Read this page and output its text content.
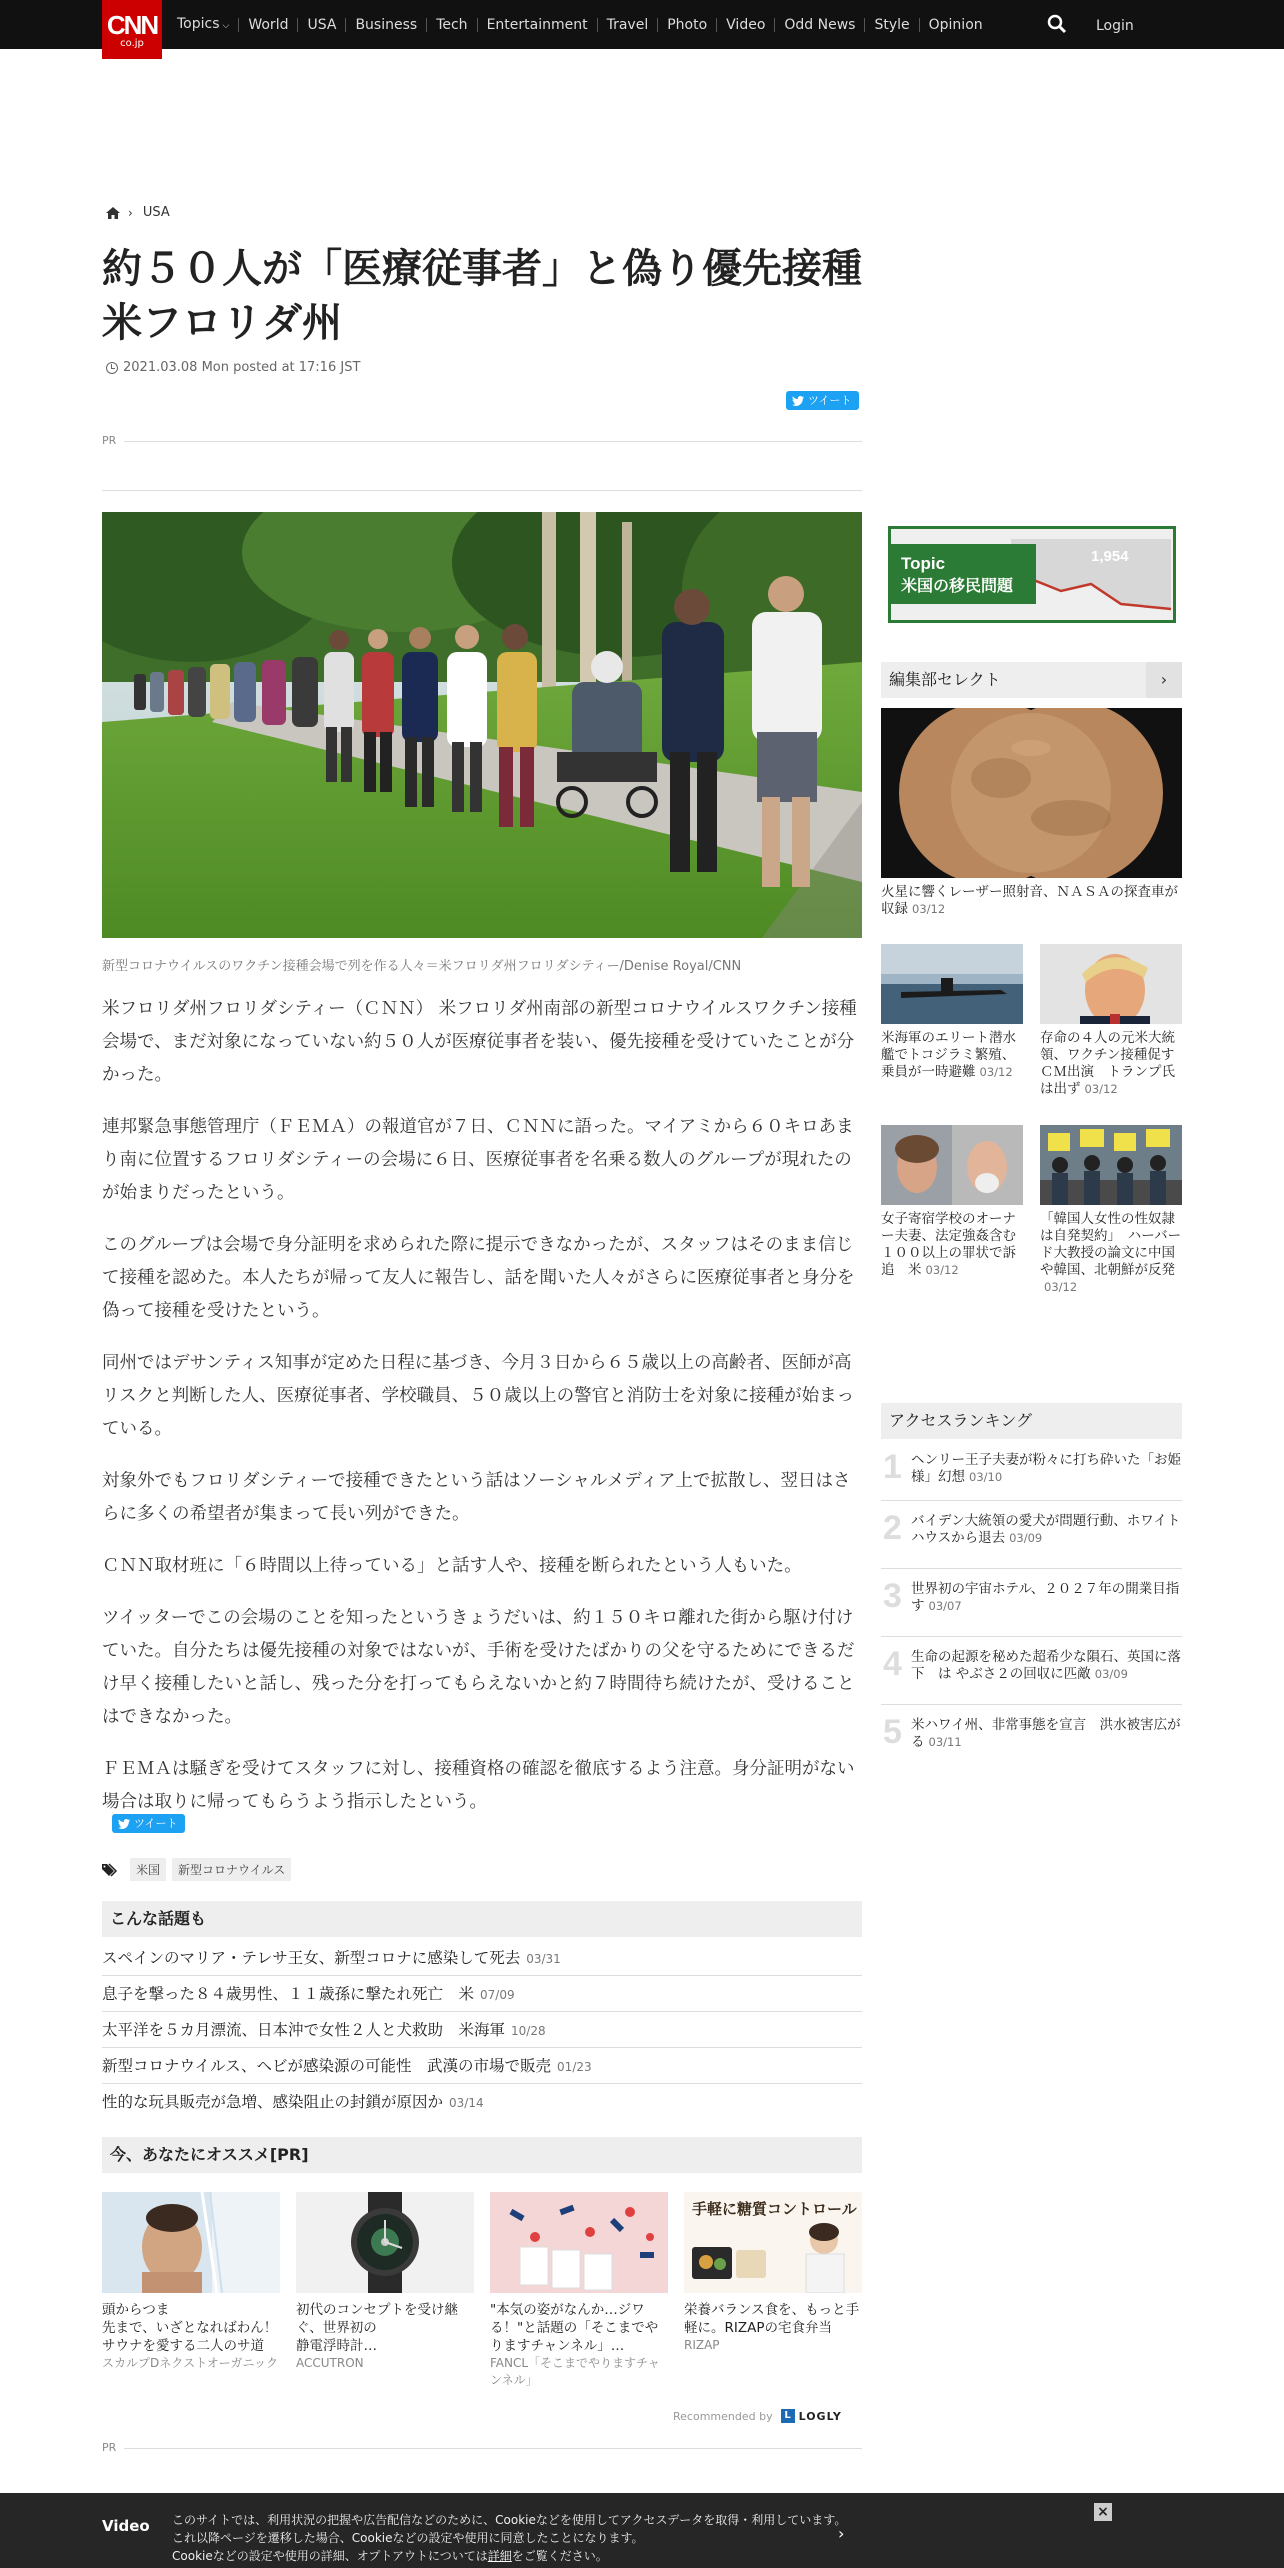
CNN
co.jp
Topics ⌵	World	USA	Business	Tech	Entertainment	Travel	Photo	Video	Odd News	Style	Opinion	Login
› USA
約５０人が「医療従事者」と偽り優先接種　米フロリダ州
2021.03.08 Mon posted at 17:16 JST
ツイート
PR
新型コロナウイルスのワクチン接種会場で列を作る人々＝米フロリダ州フロリダシティー/Denise Royal/CNN

米フロリダ州フロリダシティー（ＣＮＮ） 米フロリダ州南部の新型コロナウイルスワクチン接種会場で、まだ対象になっていない約５０人が医療従事者を装い、優先接種を受けていたことが分かった。

連邦緊急事態管理庁（ＦＥＭＡ）の報道官が７日、ＣＮＮに語った。マイアミから６０キロあまり南に位置するフロリダシティーの会場に６日、医療従事者を名乗る数人のグループが現れたのが始まりだったという。

このグループは会場で身分証明を求められた際に提示できなかったが、スタッフはそのまま信じて接種を認めた。本人たちが帰って友人に報告し、話を聞いた人々がさらに医療従事者と身分を偽って接種を受けたという。

同州ではデサンティス知事が定めた日程に基づき、今月３日から６５歳以上の高齢者、医師が高リスクと判断した人、医療従事者、学校職員、５０歳以上の警官と消防士を対象に接種が始まっている。

対象外でもフロリダシティーで接種できたという話はソーシャルメディア上で拡散し、翌日はさらに多くの希望者が集まって長い列ができた。

ＣＮＮ取材班に「６時間以上待っている」と話す人や、接種を断られたという人もいた。

ツイッターでこの会場のことを知ったというきょうだいは、約１５０キロ離れた街から駆け付けていた。自分たちは優先接種の対象ではないが、手術を受けたばかりの父を守るためにできるだけ早く接種したいと話し、残った分を打ってもらえないかと約７時間待ち続けたが、受けることはできなかった。

ＦＥＭＡは騒ぎを受けてスタッフに対し、接種資格の確認を徹底するよう注意。身分証明がない場合は取りに帰ってもらうよう指示したという。

ツイート
米国	新型コロナウイルス
こんな話題も
スペインのマリア・テレサ王女、新型コロナに感染して死去 03/31
息子を撃った８４歳男性、１１歳孫に撃たれ死亡　米 07/09
太平洋を５カ月漂流、日本沖で女性２人と犬救助　米海軍 10/28
新型コロナウイルス、ヘビが感染源の可能性　武漢の市場で販売 01/23
性的な玩具販売が急増、感染阻止の封鎖が原因か 03/14
今、あなたにオススメ[PR]
頭からつま
先まで、いざとなればわん！サウナを愛する二人のサ道
スカルプDネクストオーガニック
初代のコンセプトを受け継ぐ、世界初の
静電浮時計…
ACCUTRON
"本気の姿がなんか…ジワる！"と話題の「そこまでやりますチャンネル」…
FANCL「そこまでやりますチャンネル」
手軽に糖質コントロール
栄養バランス食を、もっと手軽に。RIZAPの宅食弁当
RIZAP
Recommended by	L LOGLY
PR
Topic
米国の移民問題
1,954
編集部セレクト	›
火星に響くレーザー照射音、ＮＡＳＡの探査車が収録 03/12
米海軍のエリート潜水艦でトコジラミ繁殖、乗員が一時避難 03/12
存命の４人の元米大統領、ワクチン接種促すＣＭ出演　トランプ氏は出ず 03/12
女子寄宿学校のオーナー夫妻、法定強姦含む１００以上の罪状で訴追　米 03/12
「韓国人女性の性奴隷は自発契約」　ハーバード大教授の論文に中国や韓国、北朝鮮が反発03/12
アクセスランキング
1 ヘンリー王子夫妻が粉々に打ち砕いた「お姫様」幻想 03/10
2 バイデン大統領の愛犬が問題行動、ホワイトハウスから退去 03/09
3 世界初の宇宙ホテル、２０２７年の開業目指す 03/07
4 生命の起源を秘めた超希少な隕石、英国に落下　は やぶさ２の回収に匹敵 03/09
5 米ハワイ州、非常事態を宣言　洪水被害広がる 03/11
このサイトでは、利用状況の把握や広告配信などのために、Cookieなどを使用してアクセスデータを取得・利用しています。
これ以降ページを遷移した場合、Cookieなどの設定や使用に同意したことになります。
Cookieなどの設定や使用の詳細、オプトアウトについては詳細をご覧ください。
×
Video	›
